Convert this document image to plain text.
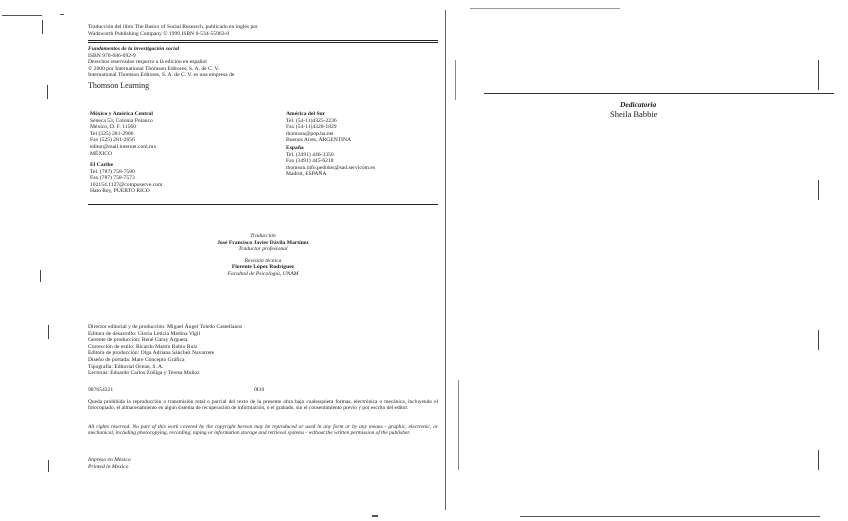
Traducción del libro The Basics of Social Research, publicado en inglés por
Wadsworth Publishing Company © 1999 ISBN 0-534-55963-0
Fundamentos de la investigación social
ISBN 970-686-092-9
Derechos reservados respecto a la edición en español
© 2000 por International Thomson Editores, S. A. de C. V.
International Thomson Editores, S. A. de C. V. es una empresa de
Thomson Learning
México y América Central
Séneca 53, Colonia Polanco
México, D. F. 11560
Tel (525) 281-2906
Fax (525) 281-2656
editor@mail.internet.com.mx
MÉXICO
El Caribe
Tel. (787) 758-7580
Fax (787) 758-7573
102154.1127@compuserve.com
Hato Rey, PUERTO RICO
América del Sur
Tel. (54-11)4325-2236
Fax (54-11)4328-1829
thomson@pop.ba.net
Buenos Aires, ARGENTINA
España
Tel. (3491) 446-3350
Fax (3491) 445-6218
thomson.info.pedidos@sad.servicom.es
Madrid, ESPAÑA
Traducción
José Francisco Javier Dávila Martínez
Traductor profesional
Revisión técnica
Florente López Rodríguez
Facultad de Psicología, UNAM
Director editorial y de producción: Miguel Ángel Toledo Castellanos
Editora de desarrollo: Gloria Leticia Medina Vigil
Gerente de producción: René Garay Argueta
Corrección de estilo: Ricardo Martín Rubio Ruiz
Editora de producción: Olga Adriana Sánchez Navarrete
Diseño de portada: Mare Concepto Gráfica
Tipografía: Editorial Ocean, S. A.
Lecturas: Eduardo Carlos Zúñiga y Teresa Muñoz
987654321	0I10
Queda prohibida la reproducción o transmisión total o parcial del texto de la presente obra bajo cualesquiera formas, electrónica o mecánica, incluyendo el fotocopiado, el almacenamiento en algún sistema de recuperación de información, o el grabado, sin el consentimiento previo y por escrito del editor.
All rights reserved. No part of this work covered by the copyright hereon may be reproduced or used in any form or by any means - graphic, electronic, or mechanical, including photocopying, recording, taping or information storage and retrieval systems - without the written permission of the publisher.
Impreso en México
Printed in Mexico
Dedicatoria
Sheila Babbie
